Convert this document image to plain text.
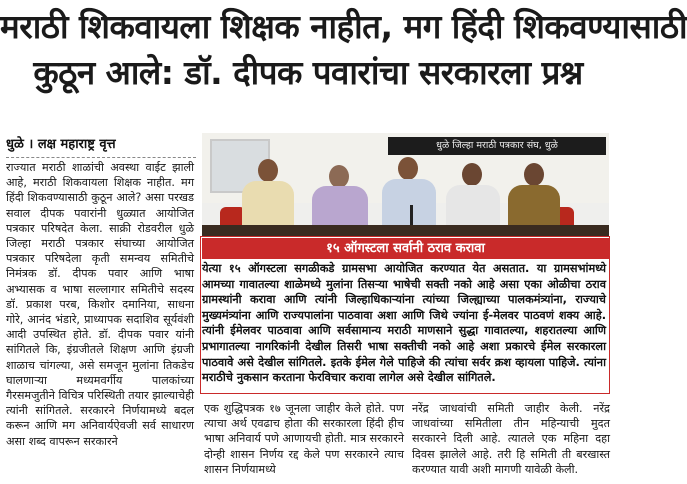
मराठी शिकवायला शिक्षक नाहीत, मग हिंदी शिकवण्यासाठी
कुठून आले: डॉ. दीपक पवारांचा सरकारला प्रश्न
धुळे । लक्ष महाराष्ट्र वृत्त
राज्यात मराठी शाळांची अवस्था वाईट झाली आहे, मराठी शिकवायला शिक्षक नाहीत. मग हिंदी शिकवण्यासाठी कुठून आले? असा परखड सवाल दीपक पवारांनी धुळ्यात आयोजित पत्रकार परिषदेत केला. साक्री रोडवरील धुळे जिल्हा मराठी पत्रकार संघाच्या आयोजित पत्रकार परिषदेला कृती समन्वय समितीचे निमंत्रक डॉ. दीपक पवार आणि भाषा अभ्यासक व भाषा सल्लागार समितीचे सदस्य डॉ. प्रकाश परब, किशोर दमानिया, साधना गोरे, आनंद भंडारे, प्राध्यापक सदाशिव सूर्यवंशी आदी उपस्थित होते. डॉ. दीपक पवार यांनी सांगितले कि, इंग्रजीतले शिक्षण आणि इंग्रजी शाळाच चांगल्या, असे समजून मुलांना तिकडेच घालणाऱ्या मध्यमवर्गीय पालकांच्या गैरसमजुतीने विचित्र परिस्थिती तयार झाल्याचेही त्यांनी सांगितले. सरकारने निर्णयामध्ये बदल करून आणि मग अनिवार्यऐवजी सर्व साधारण असा शब्द वापरून सरकारने
धुळे जिल्हा मराठी पत्रकार संघ, धुळे
१५ ऑगस्टला सर्वानी ठराव करावा
येत्या १५ ऑगस्टला सगळीकडे ग्रामसभा आयोजित करण्यात येत असतात. या ग्रामसभांमध्ये आमच्या गावातल्या शाळेमध्ये मुलांना तिसऱ्या भाषेची सक्ती नको आहे असा एका ओळीचा ठराव ग्रामस्थांनी करावा आणि त्यांनी जिल्हाधिकाऱ्यांना त्यांच्या जिल्ह्याच्या पालकमंत्र्यांना, राज्याचे मुख्यमंत्र्यांना आणि राज्यपालांना पाठवावा अशा आणि जिथे ज्यांना ई-मेलवर पाठवणं शक्य आहे. त्यांनी ईमेलवर पाठवावा आणि सर्वसामान्य मराठी माणसाने सुद्धा गावातल्या, शहरातल्या आणि प्रभागातल्या नागरिकांनी देखील तिसरी भाषा सक्तीची नको आहे अशा प्रकारचे ईमेल सरकारला पाठवावे असे देखील सांगितले. इतके ईमेल गेले पाहिजे की त्यांचा सर्वर क्रश व्हायला पाहिजे. त्यांना मराठीचे नुकसान करताना फेरविचार करावा लागेल असे देखील सांगितले.
एक शुद्धिपत्रक १७ जूनला जाहीर केले होते. पण त्याचा अर्थ एवढाच होता की सरकारला हिंदी हीच भाषा अनिवार्य पणे आणायची होती. मात्र सरकारने दोन्ही शासन निर्णय रद्द केले पण सरकारने त्याच शासन निर्णयामध्ये
नरेंद्र जाधवांची समिती जाहीर केली. नरेंद्र जाधवांच्या समितीला तीन महिन्याची मुदत सरकारने दिली आहे. त्यातले एक महिना दहा दिवस झालेले आहे. तरी हि समिती ती बरखास्त करण्यात यावी अशी मागणी यावेळी केली.
